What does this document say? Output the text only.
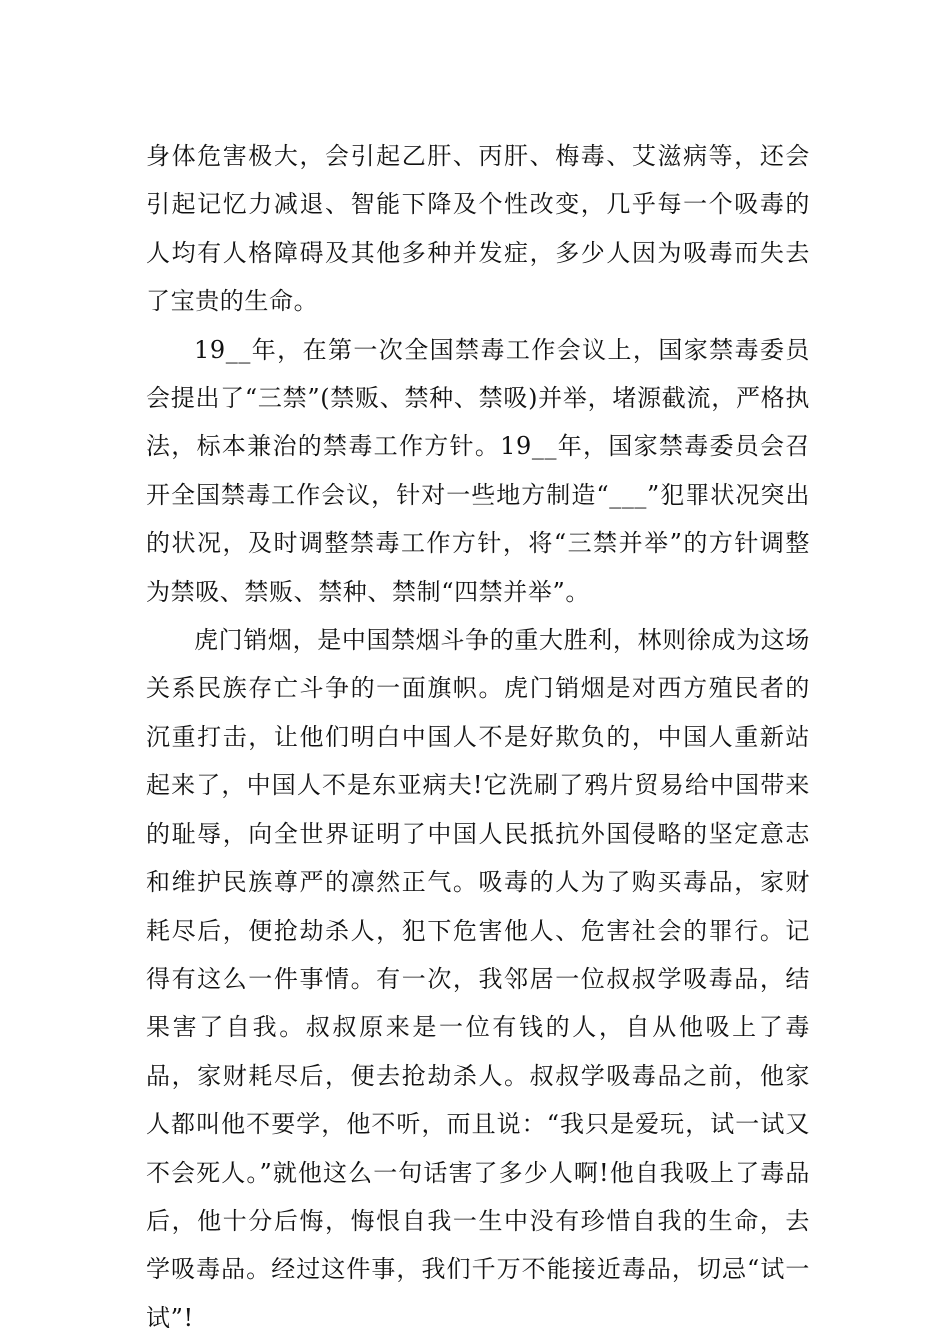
身体危害极大，会引起乙肝、丙肝、梅毒、艾滋病等，还会引起记忆力减退、智能下降及个性改变，几乎每一个吸毒的人均有人格障碍及其他多种并发症，多少人因为吸毒而失去了宝贵的生命。

19__年，在第一次全国禁毒工作会议上，国家禁毒委员会提出了“三禁”(禁贩、禁种、禁吸)并举，堵源截流，严格执法，标本兼治的禁毒工作方针。19__年，国家禁毒委员会召开全国禁毒工作会议，针对一些地方制造“___”犯罪状况突出的状况，及时调整禁毒工作方针，将“三禁并举”的方针调整为禁吸、禁贩、禁种、禁制“四禁并举”。

虎门销烟，是中国禁烟斗争的重大胜利，林则徐成为这场关系民族存亡斗争的一面旗帜。虎门销烟是对西方殖民者的沉重打击，让他们明白中国人不是好欺负的，中国人重新站起来了，中国人不是东亚病夫!它洗刷了鸦片贸易给中国带来的耻辱，向全世界证明了中国人民抵抗外国侵略的坚定意志和维护民族尊严的凛然正气。吸毒的人为了购买毒品，家财耗尽后，便抢劫杀人，犯下危害他人、危害社会的罪行。记得有这么一件事情。有一次，我邻居一位叔叔学吸毒品，结果害了自我。叔叔原来是一位有钱的人，自从他吸上了毒品，家财耗尽后，便去抢劫杀人。叔叔学吸毒品之前，他家人都叫他不要学，他不听，而且说：“我只是爱玩，试一试又不会死人。”就他这么一句话害了多少人啊!他自我吸上了毒品后，他十分后悔，悔恨自我一生中没有珍惜自我的生命，去学吸毒品。经过这件事，我们千万不能接近毒品，切忌“试一试”!
